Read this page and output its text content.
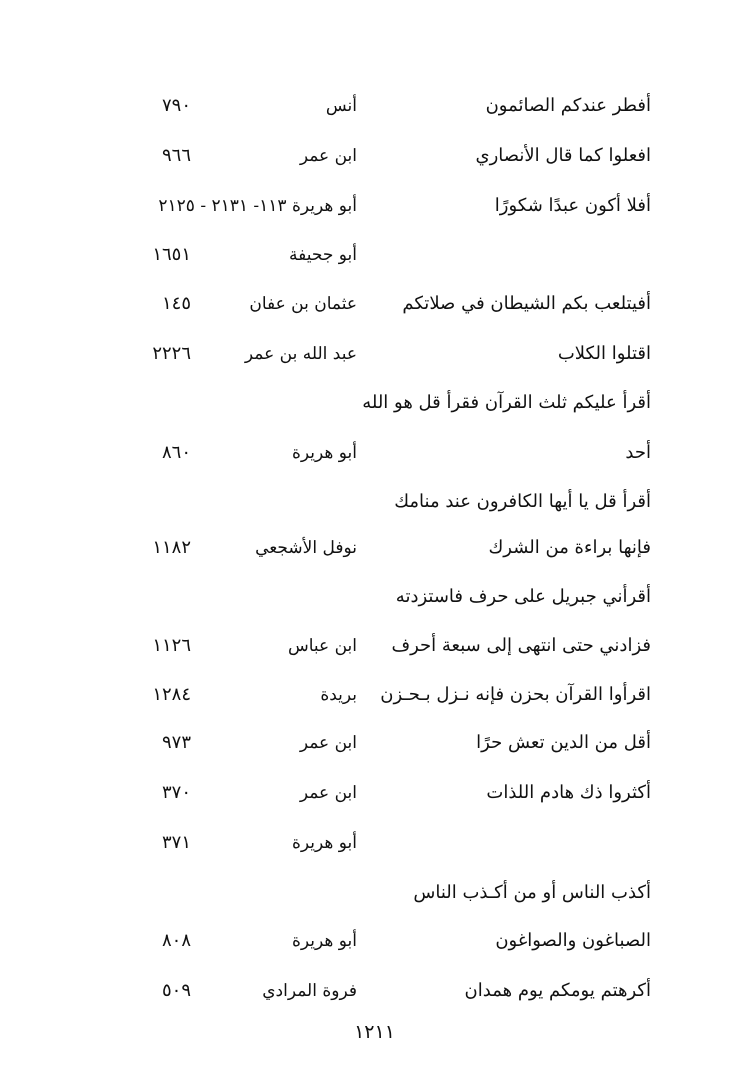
١٢١١
أفطر عندكم الصائمون
أنس
٧٩٠
افعلوا كما قال الأنصاري
ابن عمر
٩٦٦
أفلا أكون عبدًا شكورًا
أبو هريرة ١١٣- ٢١٣١ - ٢١٢٥
أبو جحيفة
١٦٥١
أفيتلعب بكم الشيطان في صلاتكم
عثمان بن عفان
١٤٥
اقتلوا الكلاب
عبد الله بن عمر
٢٢٢٦
أقرأ عليكم ثلث القرآن فقرأ قل هو الله
أحد
أبو هريرة
٨٦٠
أقرأ قل يا أيها الكافرون عند منامك
فإنها براءة من الشرك
نوفل الأشجعي
١١٨٢
أقرأني جبريل على حرف فاستزدته
فزادني حتى انتهى إلى سبعة أحرف
ابن عباس
١١٢٦
اقرأوا القرآن بحزن فإنه نـزل بـحـزن
بريدة
١٢٨٤
أقل من الدين تعش حرًا
ابن عمر
٩٧٣
أكثروا ذك هادم اللذات
ابن عمر
٣٧٠
أبو هريرة
٣٧١
أكذب الناس أو من أكـذب الناس
الصباغون والصواغون
أبو هريرة
٨٠٨
أكرهتم يومكم يوم همدان
فروة المرادي
٥٠٩
